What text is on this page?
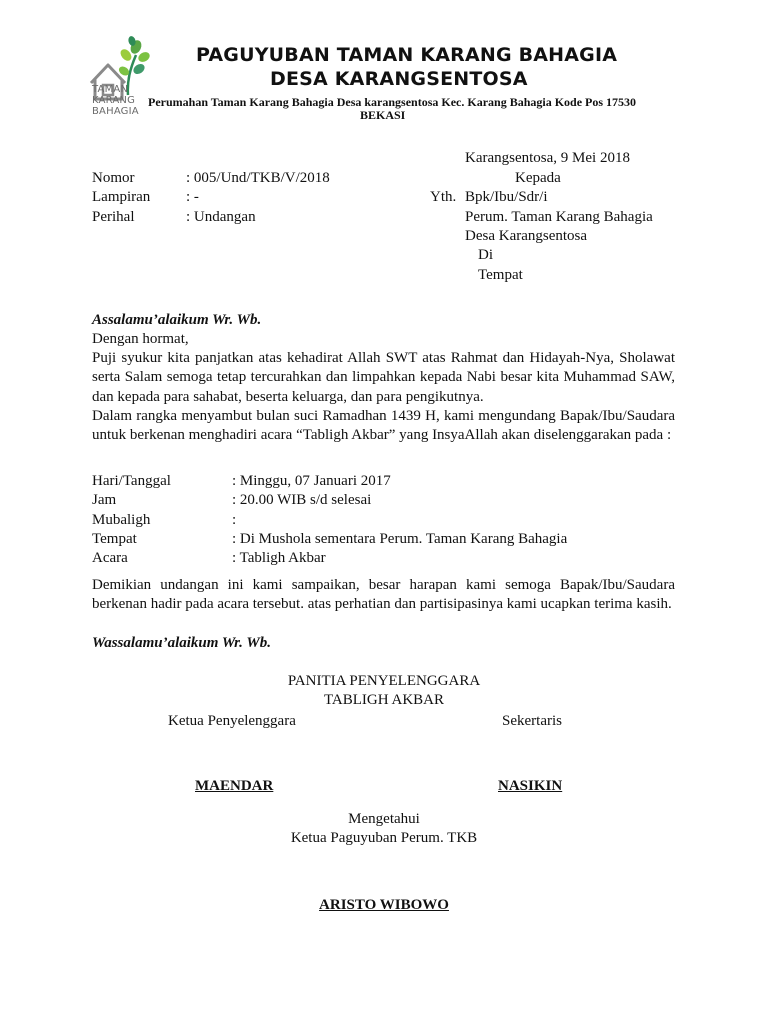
TAMAN
KARANG
BAHAGIA
PAGUYUBAN TAMAN KARANG BAHAGIA
DESA KARANGSENTOSA
Perumahan Taman Karang Bahagia Desa karangsentosa Kec. Karang Bahagia Kode Pos 17530
BEKASI
Karangsentosa, 9 Mei 2018
Kepada
Yth. Bpk/Ibu/Sdr/i
Perum. Taman Karang Bahagia
Desa Karangsentosa
Di
Tempat
Nomor	: 005/Und/TKB/V/2018
Lampiran : -
Perihal	: Undangan
Assalamu’alaikum Wr. Wb.
Dengan hormat,
Puji syukur kita panjatkan atas kehadirat Allah SWT atas Rahmat dan Hidayah-Nya, Sholawat serta Salam semoga tetap tercurahkan dan limpahkan kepada Nabi besar kita Muhammad SAW, dan kepada para sahabat, beserta keluarga, dan para pengikutnya.
Dalam rangka menyambut bulan suci Ramadhan 1439 H, kami mengundang Bapak/Ibu/Saudara untuk berkenan menghadiri acara “Tabligh Akbar” yang InsyaAllah akan diselenggarakan pada :
Hari/Tanggal	: Minggu, 07 Januari 2017
Jam	: 20.00 WIB s/d selesai
Mubaligh	:
Tempat	: Di Mushola sementara Perum. Taman Karang Bahagia
Acara	: Tabligh Akbar
Demikian undangan ini kami sampaikan, besar harapan kami semoga Bapak/Ibu/Saudara berkenan hadir pada acara tersebut. atas perhatian dan partisipasinya kami ucapkan terima kasih.
Wassalamu’alaikum Wr. Wb.
PANITIA PENYELENGGARA
TABLIGH AKBAR
Ketua Penyelenggara	Sekertaris
MAENDAR	NASIKIN
Mengetahui
Ketua Paguyuban Perum. TKB
ARISTO WIBOWO
